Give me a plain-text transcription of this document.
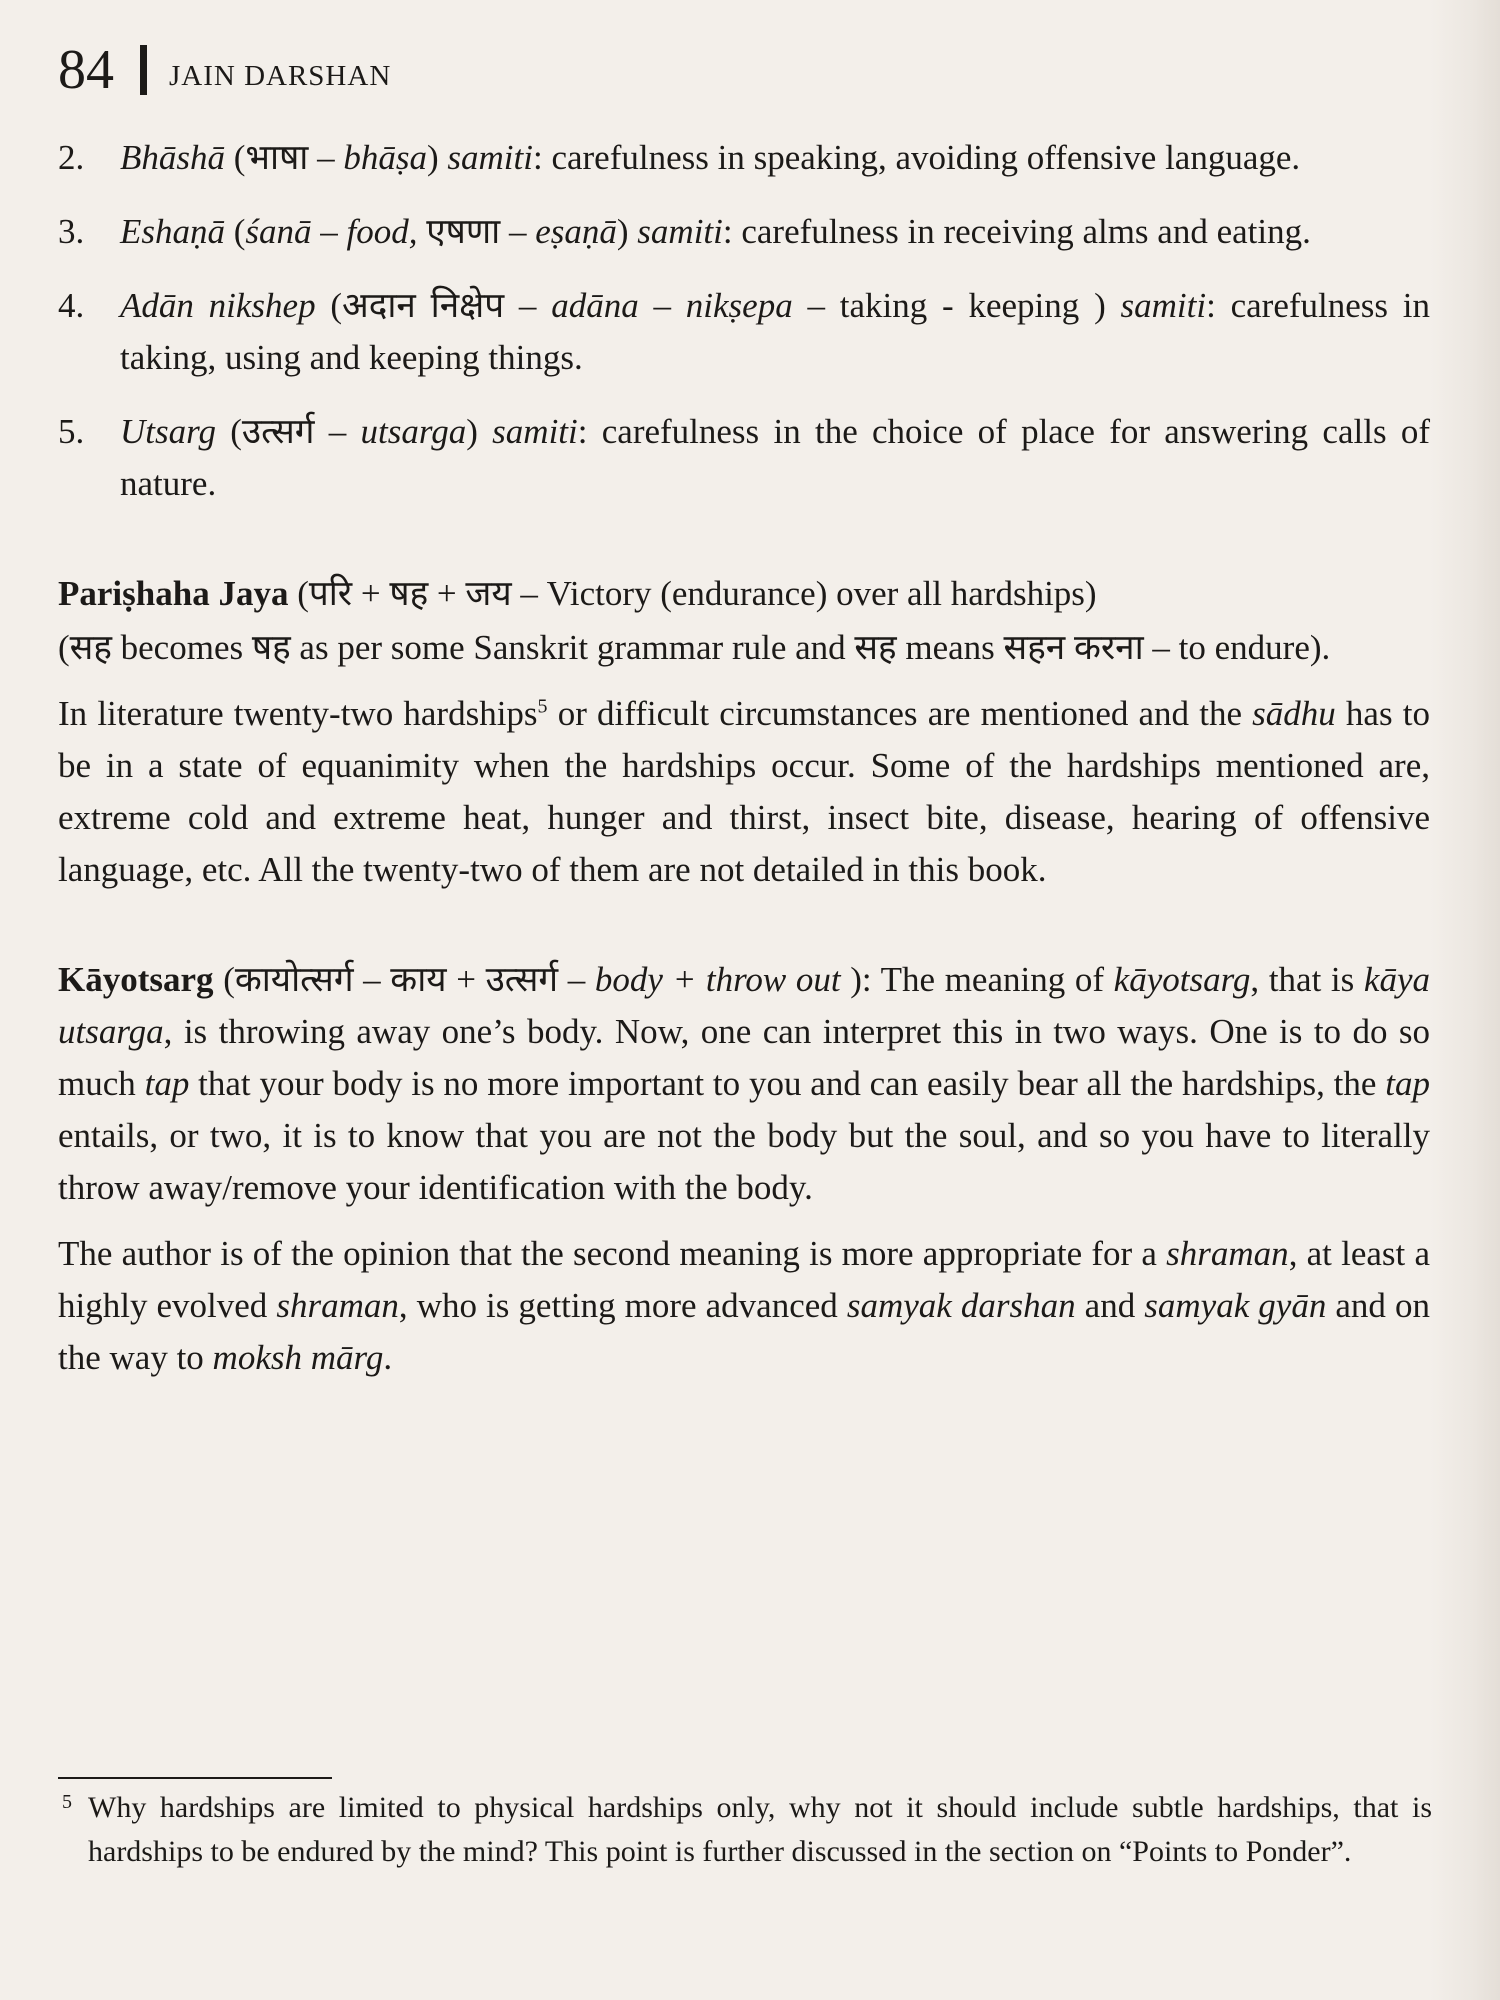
84 JAIN DARSHAN
2. Bhāshā (भाषा – bhāṣa) samiti: carefulness in speaking, avoiding offensive language.
3. Eshaṇā (śanā – food, एषणा – eṣaṇā) samiti: carefulness in receiving alms and eating.
4. Adān nikshep (अदान निक्षेप – adāna – nikṣepa – taking - keeping ) samiti: carefulness in taking, using and keeping things.
5. Utsarg (उत्सर्ग – utsarga) samiti: carefulness in the choice of place for answering calls of nature.

Pariṣhaha Jaya (परि + षह + जय – Victory (endurance) over all hardships)

(सह becomes षह as per some Sanskrit grammar rule and सह means सहन करना – to endure).

In literature twenty-two hardships$^5$ or difficult circumstances are mentioned and the sādhu has to be in a state of equanimity when the hardships occur. Some of the hardships mentioned are, extreme cold and extreme heat, hunger and thirst, insect bite, disease, hearing of offensive language, etc. All the twenty-two of them are not detailed in this book.

Kāyotsarg (कायोत्सर्ग – काय + उत्सर्ग – body + throw out ): The meaning of kāyotsarg, that is kāya utsarga, is throwing away one’s body. Now, one can interpret this in two ways. One is to do so much tap that your body is no more important to you and can easily bear all the hardships, the tap entails, or two, it is to know that you are not the body but the soul, and so you have to literally throw away/remove your identification with the body.

The author is of the opinion that the second meaning is more appropriate for a shraman, at least a highly evolved shraman, who is getting more advanced samyak darshan and samyak gyān and on the way to moksh mārg.

5 Why hardships are limited to physical hardships only, why not it should include subtle hardships, that is hardships to be endured by the mind? This point is further discussed in the section on “Points to Ponder”.
